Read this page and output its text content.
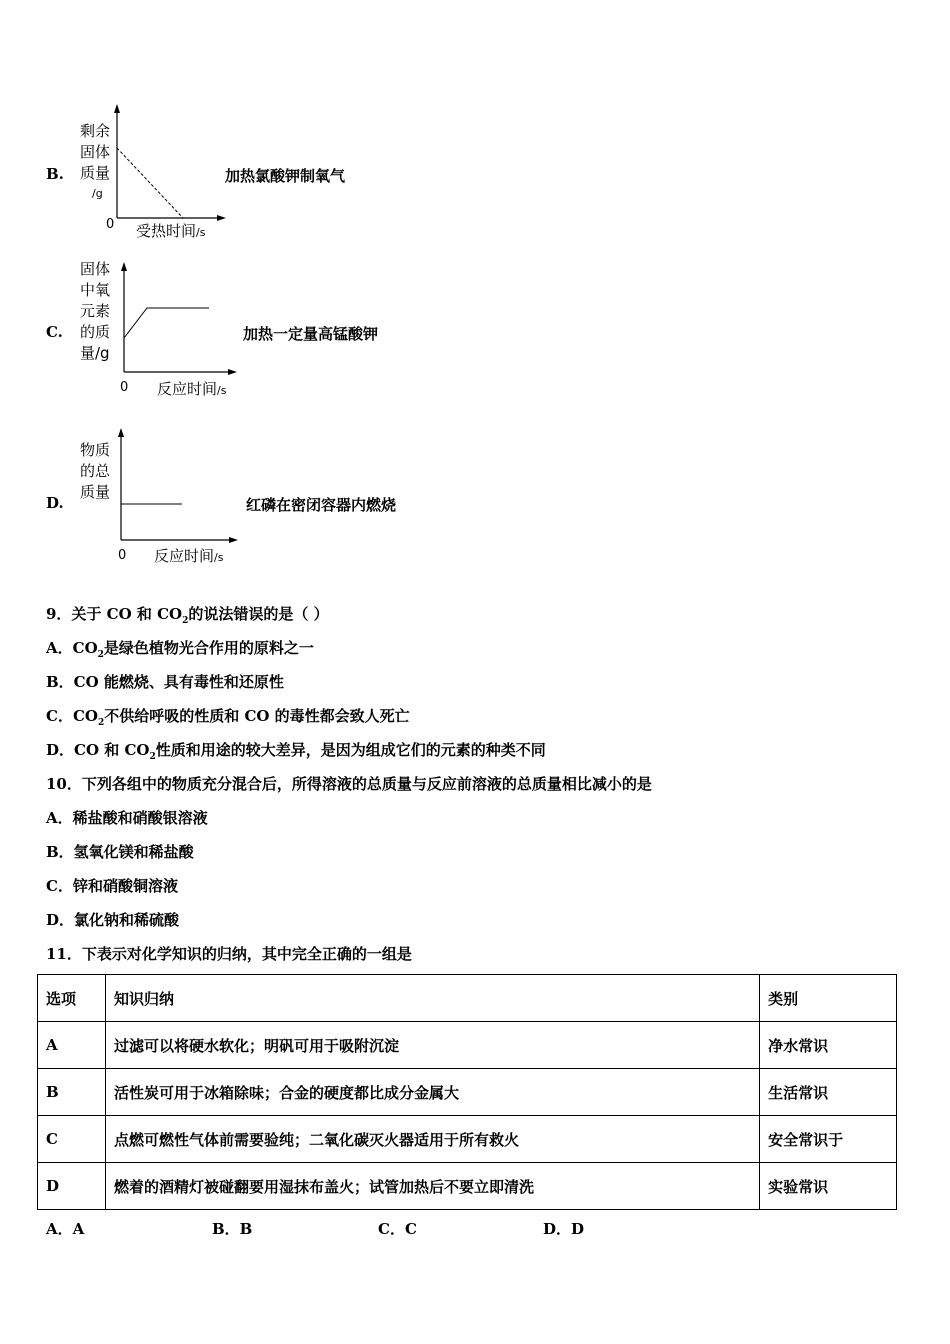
B.
剩余
固体
质量
/g
0 受热时间/s
加热氯酸钾制氧气
C.
固体
中氧
元素
的质
量/g
0 反应时间/s
加热一定量高锰酸钾
D.
物质
的总
质量
0 反应时间/s
红磷在密闭容器内燃烧
9．关于 CO 和 $CO_2$的说法错误的是（ ）
A．$CO_2$是绿色植物光合作用的原料之一
B．CO 能燃烧、具有毒性和还原性
C．$CO_2$不供给呼吸的性质和 CO 的毒性都会致人死亡
D．CO 和 $CO_2$性质和用途的较大差异，是因为组成它们的元素的种类不同
10．下列各组中的物质充分混合后，所得溶液的总质量与反应前溶液的总质量相比减小的是
A．稀盐酸和硝酸银溶液
B．氢氧化镁和稀盐酸
C．锌和硝酸铜溶液
D．氯化钠和稀硫酸
11．下表示对化学知识的归纳，其中完全正确的一组是
选项	知识归纳	类别
A	过滤可以将硬水软化；明矾可用于吸附沉淀	净水常识
B	活性炭可用于冰箱除味；合金的硬度都比成分金属大	生活常识
C	点燃可燃性气体前需要验纯；二氧化碳灭火器适用于所有救火	安全常识于
D	燃着的酒精灯被碰翻要用湿抹布盖火；试管加热后不要立即清洗	实验常识
A．A	B．B	C．C	D．D
